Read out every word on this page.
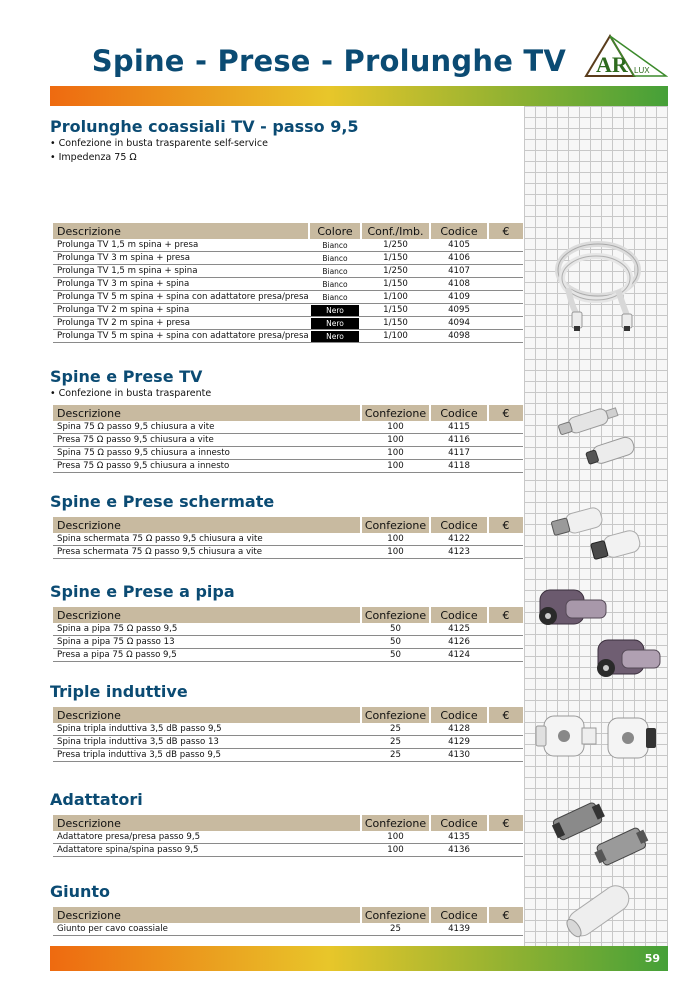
Spine - Prese - Prolunghe TV AR LUX
Prolunghe coassiali TV - passo 9,5
• Confezione in busta trasparente self-service
• Impedenza 75 Ω
Descrizione	Colore	Conf./Imb.	Codice	€
Prolunga TV 1,5 m spina + presa	Bianco	1/250	4105	
Prolunga TV 3 m spina + presa	Bianco	1/150	4106	
Prolunga TV 1,5 m spina + spina	Bianco	1/250	4107	
Prolunga TV 3 m spina + spina	Bianco	1/150	4108	
Prolunga TV 5 m spina + spina con adattatore presa/presa	Bianco	1/100	4109	
Prolunga TV 2 m spina + spina	Nero	1/150	4095	
Prolunga TV 2 m spina + presa	Nero	1/150	4094	
Prolunga TV 5 m spina + spina con adattatore presa/presa	Nero	1/100	4098	
Spine e Prese TV
• Confezione in busta trasparente
Descrizione	Confezione	Codice	€
Spina 75 Ω passo 9,5 chiusura a vite	100	4115	
Presa 75 Ω passo 9,5 chiusura a vite	100	4116	
Spina 75 Ω passo 9,5 chiusura a innesto	100	4117	
Presa 75 Ω passo 9,5 chiusura a innesto	100	4118	
Spine e Prese schermate
Descrizione	Confezione	Codice	€
Spina schermata 75 Ω passo 9,5 chiusura a vite	100	4122	
Presa schermata 75 Ω passo 9,5 chiusura a vite	100	4123	
Spine e Prese a pipa
Descrizione	Confezione	Codice	€
Spina a pipa 75 Ω passo 9,5	50	4125	
Spina a pipa 75 Ω passo 13	50	4126	
Presa a pipa 75 Ω passo 9,5	50	4124	
Triple induttive
Descrizione	Confezione	Codice	€
Spina tripla induttiva 3,5 dB passo 9,5	25	4128	
Spina tripla induttiva 3,5 dB passo 13	25	4129	
Presa tripla induttiva 3,5 dB passo 9,5	25	4130	
Adattatori
Descrizione	Confezione	Codice	€
Adattatore presa/presa passo 9,5	100	4135	
Adattatore spina/spina passo 9,5	100	4136	
Giunto
Descrizione	Confezione	Codice	€
Giunto per cavo coassiale	25	4139	
59
